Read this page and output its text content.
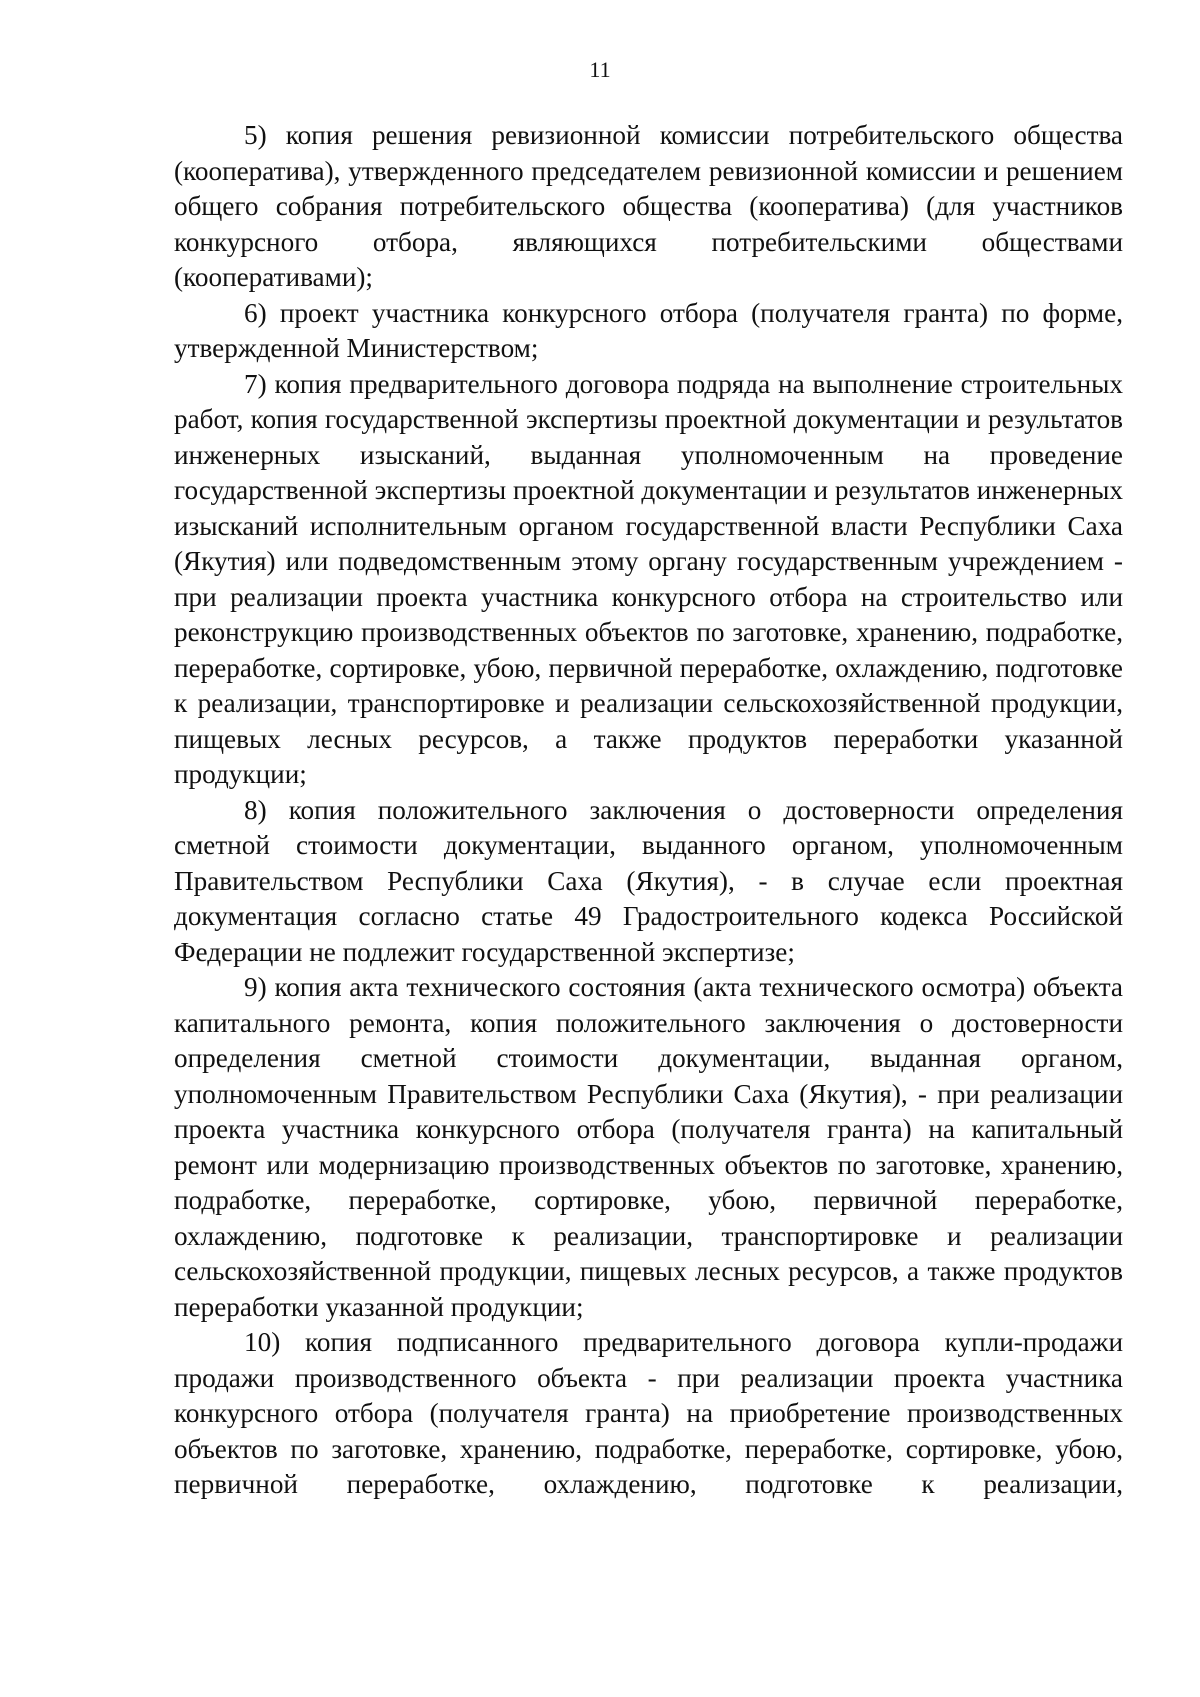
11

5) копия решения ревизионной комиссии потребительского общества (кооператива), утвержденного председателем ревизионной комиссии и решением общего собрания потребительского общества (кооператива) (для участников конкурсного отбора, являющихся потребительскими обществами (кооперативами);

6) проект участника конкурсного отбора (получателя гранта) по форме, утвержденной Министерством;

7) копия предварительного договора подряда на выполнение строительных работ, копия государственной экспертизы проектной документации и результатов инженерных изысканий, выданная уполномоченным на проведение государственной экспертизы проектной документации и результатов инженерных изысканий исполнительным органом государственной власти Республики Саха (Якутия) или подведомственным этому органу государственным учреждением - при реализации проекта участника конкурсного отбора на строительство или реконструкцию производственных объектов по заготовке, хранению, подработке, переработке, сортировке, убою, первичной переработке, охлаждению, подготовке к реализации, транспортировке и реализации сельскохозяйственной продукции, пищевых лесных ресурсов, а также продуктов переработки указанной продукции;

8) копия положительного заключения о достоверности определения сметной стоимости документации, выданного органом, уполномоченным Правительством Республики Саха (Якутия), - в случае если проектная документация согласно статье 49 Градостроительного кодекса Российской Федерации не подлежит государственной экспертизе;

9) копия акта технического состояния (акта технического осмотра) объекта капитального ремонта, копия положительного заключения о достоверности определения сметной стоимости документации, выданная органом, уполномоченным Правительством Республики Саха (Якутия), - при реализации проекта участника конкурсного отбора (получателя гранта) на капитальный ремонт или модернизацию производственных объектов по заготовке, хранению, подработке, переработке, сортировке, убою, первичной переработке, охлаждению, подготовке к реализации, транспортировке и реализации сельскохозяйственной продукции, пищевых лесных ресурсов, а также продуктов переработки указанной продукции;

10) копия подписанного предварительного договора купли-продажи продажи производственного объекта - при реализации проекта участника конкурсного отбора (получателя гранта) на приобретение производственных объектов по заготовке, хранению, подработке, переработке, сортировке, убою, первичной переработке, охлаждению, подготовке к реализации,
